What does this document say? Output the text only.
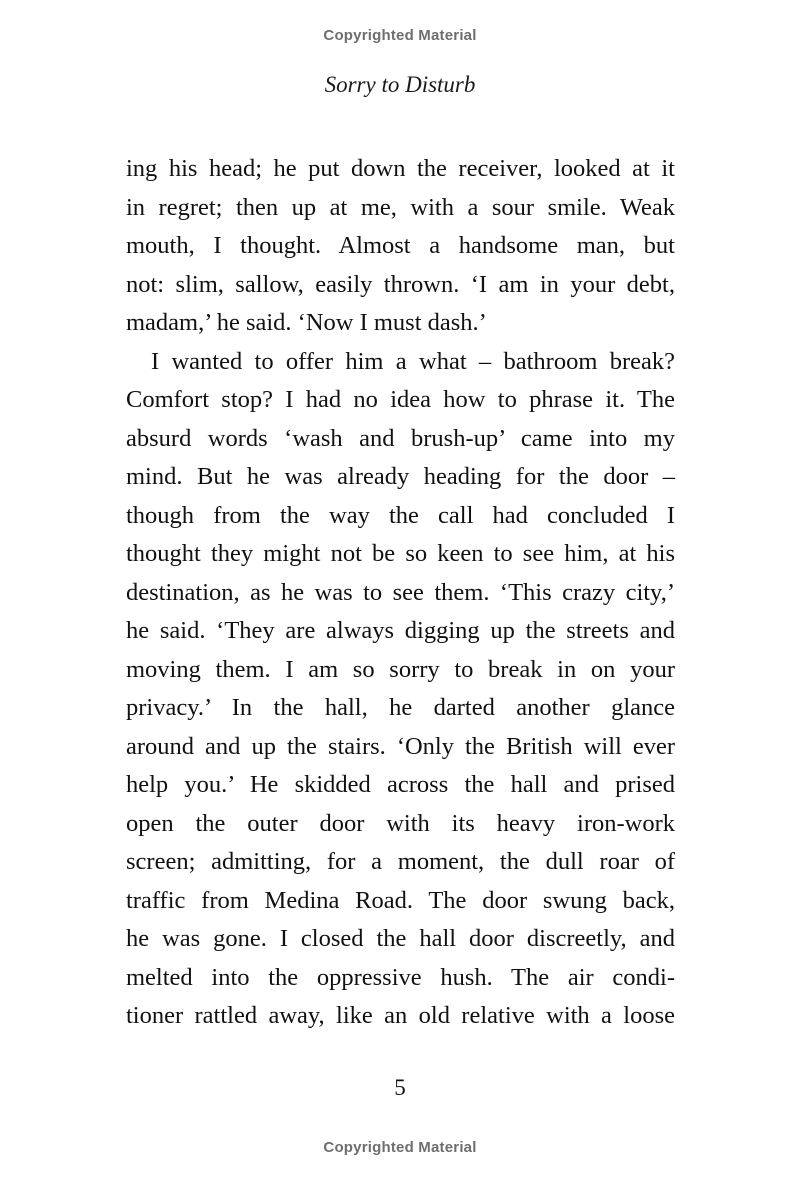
Copyrighted Material
Sorry to Disturb
ing his head; he put down the receiver, looked at it
in regret; then up at me, with a sour smile. Weak
mouth, I thought. Almost a handsome man, but
not: slim, sallow, easily thrown. ‘I am in your debt,
madam,’ he said. ‘Now I must dash.’
I wanted to offer him a what – bathroom break?
Comfort stop? I had no idea how to phrase it. The
absurd words ‘wash and brush-up’ came into my
mind. But he was already heading for the door –
though from the way the call had concluded I
thought they might not be so keen to see him, at his
destination, as he was to see them. ‘This crazy city,’
he said. ‘They are always digging up the streets and
moving them. I am so sorry to break in on your
privacy.’ In the hall, he darted another glance
around and up the stairs. ‘Only the British will ever
help you.’ He skidded across the hall and prised
open the outer door with its heavy iron-work
screen; admitting, for a moment, the dull roar of
traffic from Medina Road. The door swung back,
he was gone. I closed the hall door discreetly, and
melted into the oppressive hush. The air condi-
tioner rattled away, like an old relative with a loose
5
Copyrighted Material
